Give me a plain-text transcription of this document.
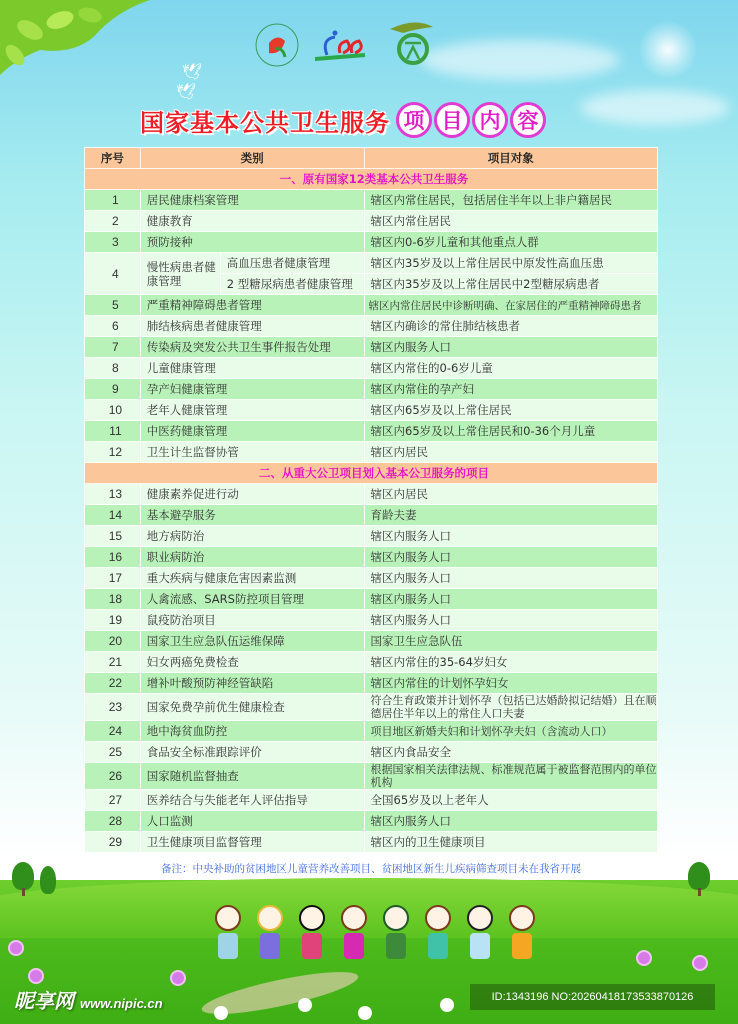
🕊
🕊
国家基本公共卫生服务 项 目 内 容
序号	类别		项目对象
一、原有国家12类基本公共卫生服务			
1	居民健康档案管理		辖区内常住居民，包括居住半年以上非户籍居民
2	健康教育		辖区内常住居民
3	预防接种		辖区内0-6岁儿童和其他重点人群
4	慢性病患者健康管理	高血压患者健康管理	辖区内35岁及以上常住居民中原发性高血压患
		2 型糖尿病患者健康管理	辖区内35岁及以上常住居民中2型糖尿病患者
5	严重精神障碍患者管理		辖区内常住居民中诊断明确、在家居住的严重精神障碍患者
6	肺结核病患者健康管理		辖区内确诊的常住肺结核患者
7	传染病及突发公共卫生事件报告处理		辖区内服务人口
8	儿童健康管理		辖区内常住的0-6岁儿童
9	孕产妇健康管理		辖区内常住的孕产妇
10	老年人健康管理		辖区内65岁及以上常住居民
11	中医药健康管理		辖区内65岁及以上常住居民和0-36个月儿童
12	卫生计生监督协管		辖区内居民
二、从重大公卫项目划入基本公卫服务的项目			
13	健康素养促进行动		辖区内居民
14	基本避孕服务		育龄夫妻
15	地方病防治		辖区内服务人口
16	职业病防治		辖区内服务人口
17	重大疾病与健康危害因素监测		辖区内服务人口
18	人禽流感、SARS防控项目管理		辖区内服务人口
19	鼠疫防治项目		辖区内服务人口
20	国家卫生应急队伍运维保障		国家卫生应急队伍
21	妇女两癌免费检查		辖区内常住的35-64岁妇女
22	增补叶酸预防神经管缺陷		辖区内常住的计划怀孕妇女
23	国家免费孕前优生健康检查		符合生育政策并计划怀孕（包括已达婚龄拟记结婚）且在顺德居住半年以上的常住人口夫妻
24	地中海贫血防控		项目地区新婚夫妇和计划怀孕夫妇（含流动人口）
25	食品安全标准跟踪评价		辖区内食品安全
26	国家随机监督抽查		根据国家相关法律法规、标准规范属于被监督范围内的单位机构
27	医养结合与失能老年人评估指导		全国65岁及以上老年人
28	人口监测		辖区内服务人口
29	卫生健康项目监督管理		辖区内的卫生健康项目
备注：中央补助的贫困地区儿童营养改善项目、贫困地区新生儿疾病筛查项目未在我省开展
昵享网 www.nipic.cn	ID:1343196 NO:20260418173533870126
